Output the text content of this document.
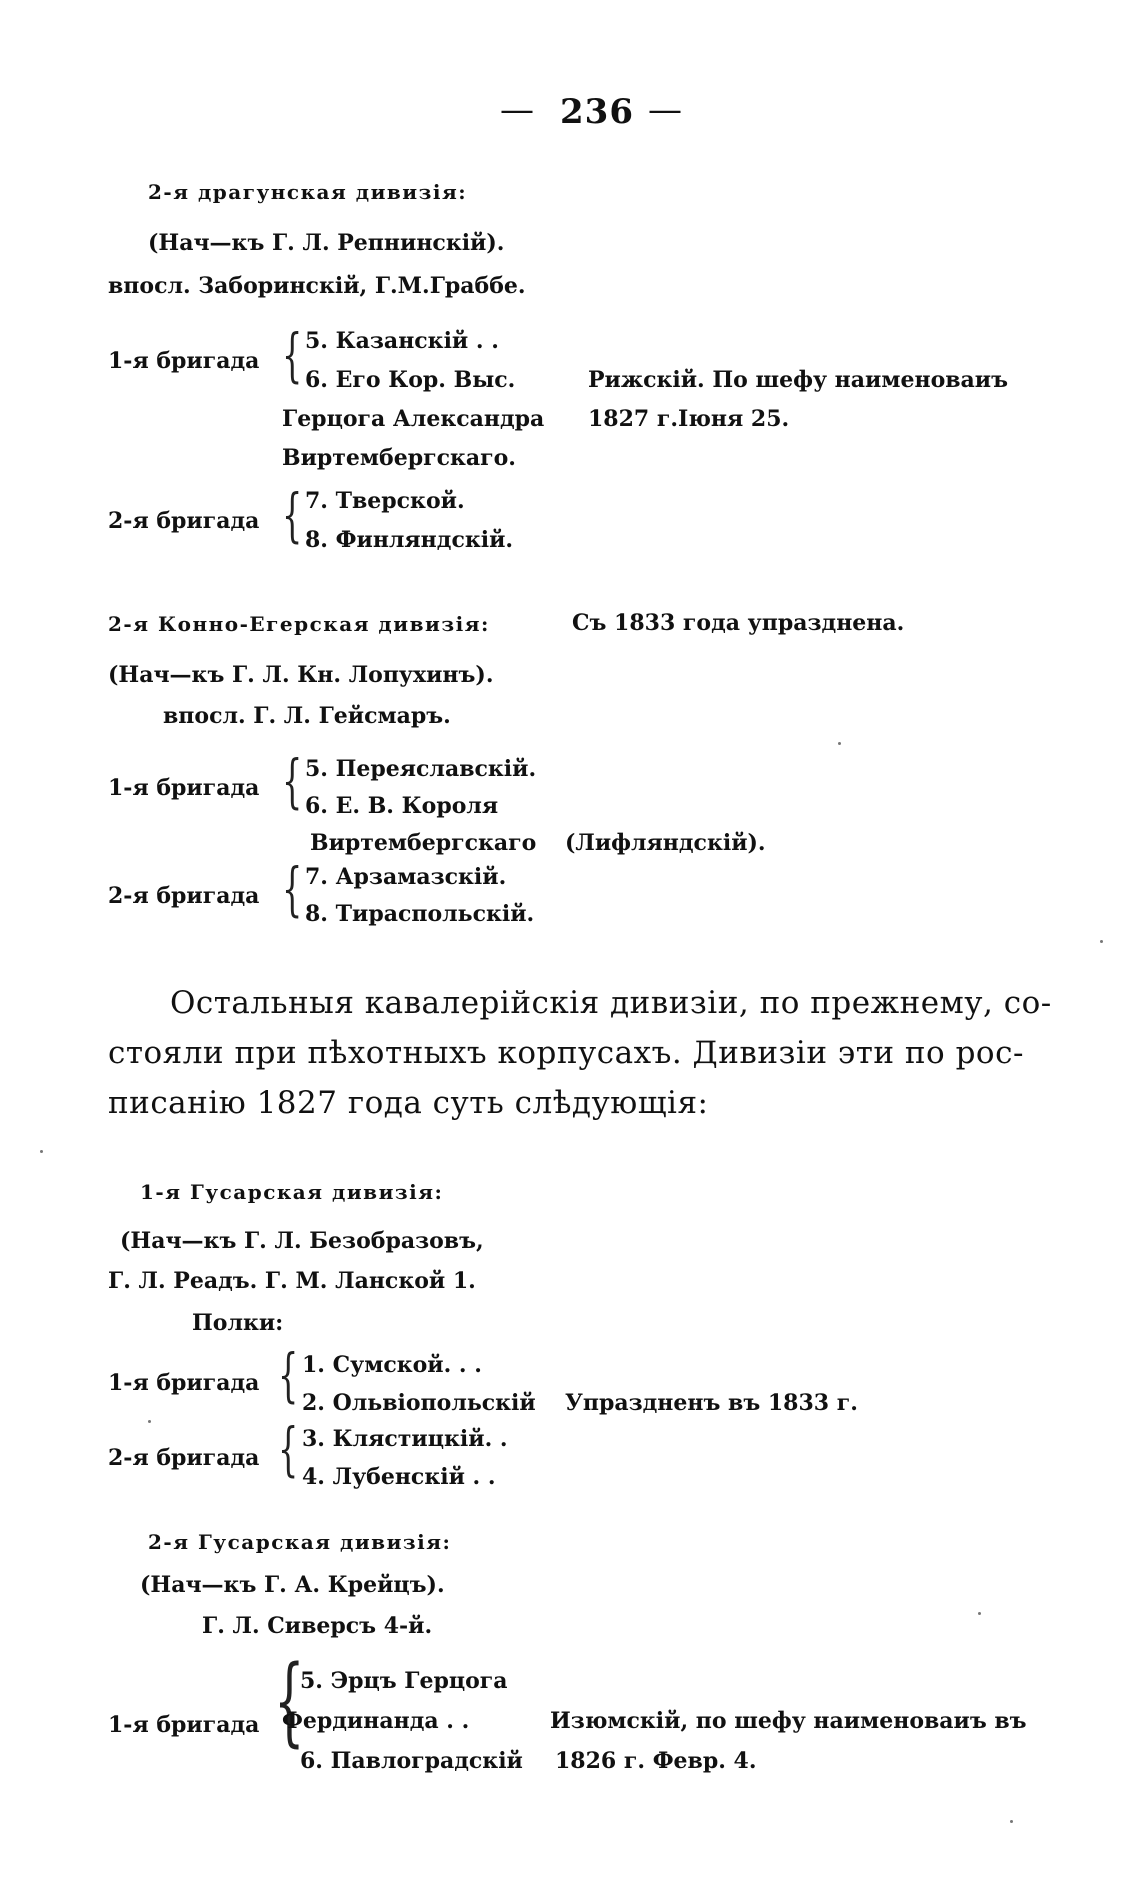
— 236 —
2-я драгунская дивизія:
(Нач—къ Г. Л. Репнинскій).
впосл. Заборинскій, Г.М.Граббе.
1-я бригада { 5. Казанскій . .
6. Его Кор. Выс.
Герцога Александра
Виртембергскаго.
Рижскій. По шефу наименоваиъ
1827 г.Іюня 25.
2-я бригада { 7. Тверской.
8. Финляндскій.
2-я Конно-Егерская дивизія:	Съ 1833 года упразднена.
(Нач—къ Г. Л. Кн. Лопухинъ).
впосл. Г. Л. Гейсмаръ.
1-я бригада { 5. Переяславскій.
6. Е. В. Короля
Виртембергскаго (Лифляндскій).
2-я бригада { 7. Арзамазскій.
8. Тираспольскій.
Остальныя кавалерійскія дивизіи, по прежнему, со-
стояли при пѣхотныхъ корпусахъ. Дивизіи эти по рос-
писанію 1827 года суть слѣдующія:
1-я Гусарская дивизія:
(Нач—къ Г. Л. Безобразовъ,
Г. Л. Реадъ. Г. М. Ланской 1.
Полки:
1-я бригада { 1. Сумской. . .
2. Ольвіопольскій Упраздненъ въ 1833 г.
2-я бригада { 3. Клястицкій. .
4. Лубенскій . .
2-я Гусарская дивизія:
(Нач—къ Г. А. Крейцъ).
Г. Л. Сиверсъ 4-й.
1-я бригада {
5. Эрцъ Герцога
Фердинанда . .
6. Павлоградскій
Изюмскій, по шефу наименоваиъ въ
1826 г. Февр. 4.
